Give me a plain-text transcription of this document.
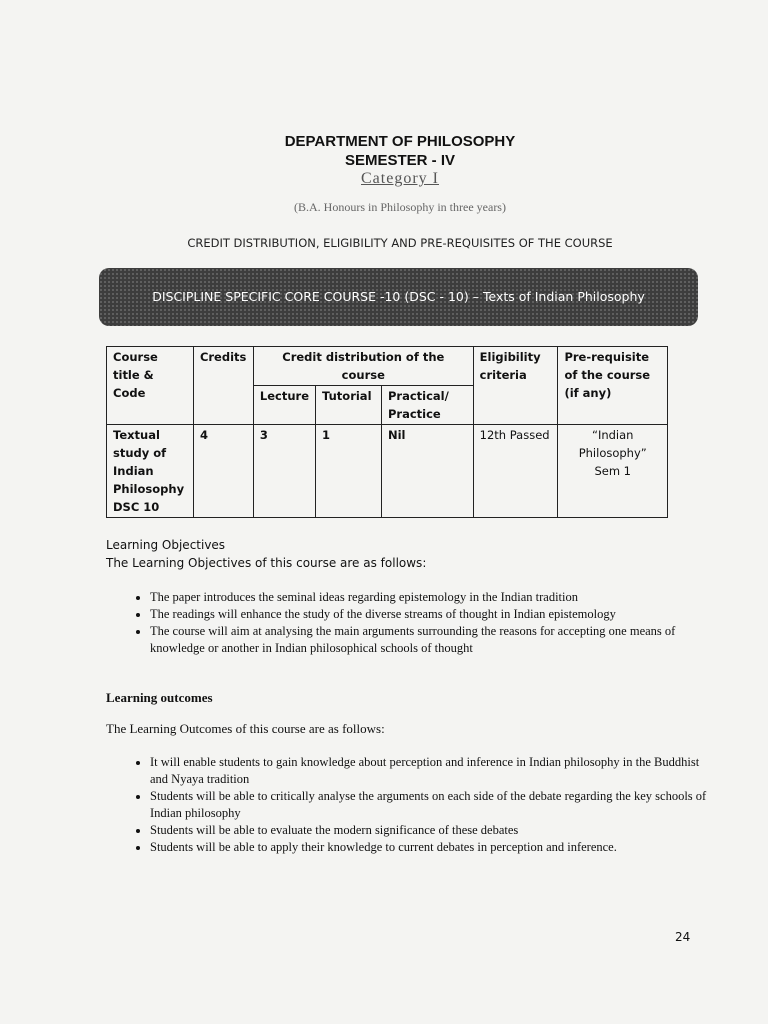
DEPARTMENT OF PHILOSOPHY
SEMESTER - IV
Category I
(B.A. Honours in Philosophy in three years)
CREDIT DISTRIBUTION, ELIGIBILITY AND PRE-REQUISITES OF THE COURSE
DISCIPLINE SPECIFIC CORE COURSE -10 (DSC - 10) – Texts of Indian Philosophy
Course title & Code	Credits	Credit distribution of the course			Eligibility criteria	Pre-requisite of the course (if any)
		Lecture	Tutorial	Practical/ Practice		
Textual study of Indian Philosophy DSC 10	4	3	1	Nil	12th Passed	“Indian Philosophy” Sem 1
Learning Objectives
The Learning Objectives of this course are as follows:
• The paper introduces the seminal ideas regarding epistemology in the Indian tradition
• The readings will enhance the study of the diverse streams of thought in Indian epistemology
• The course will aim at analysing the main arguments surrounding the reasons for accepting one means of knowledge or another in Indian philosophical schools of thought
Learning outcomes
The Learning Outcomes of this course are as follows:
• It will enable students to gain knowledge about perception and inference in Indian philosophy in the Buddhist and Nyaya tradition
• Students will be able to critically analyse the arguments on each side of the debate regarding the key schools of Indian philosophy
• Students will be able to evaluate the modern significance of these debates
• Students will be able to apply their knowledge to current debates in perception and inference.
24
